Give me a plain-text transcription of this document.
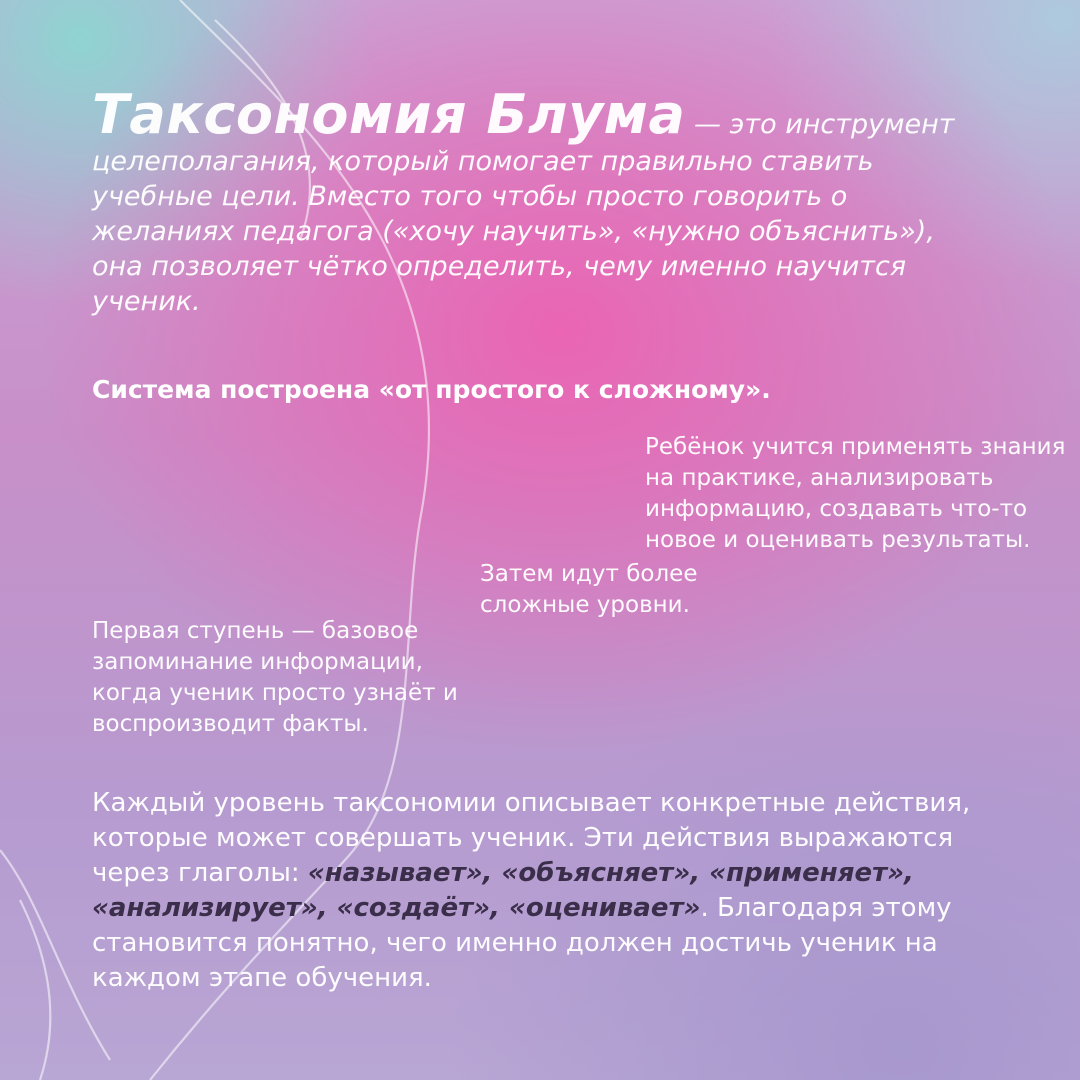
Таксономия Блума — это инструмент целеполагания, который помогает правильно ставить учебные цели. Вместо того чтобы просто говорить о желаниях педагога («хочу научить», «нужно объяснить»), она позволяет чётко определить, чему именно научится ученик.
Система построена «от простого к сложному».
Первая ступень — базовое запоминание информации, когда ученик просто узнаёт и воспроизводит факты.
Затем идут более сложные уровни.
Ребёнок учится применять знания на практике, анализировать информацию, создавать что-то новое и оценивать результаты.
Каждый уровень таксономии описывает конкретные действия, которые может совершать ученик. Эти действия выражаются через глаголы: «называет», «объясняет», «применяет», «анализирует», «создаёт», «оценивает». Благодаря этому становится понятно, чего именно должен достичь ученик на каждом этапе обучения.
